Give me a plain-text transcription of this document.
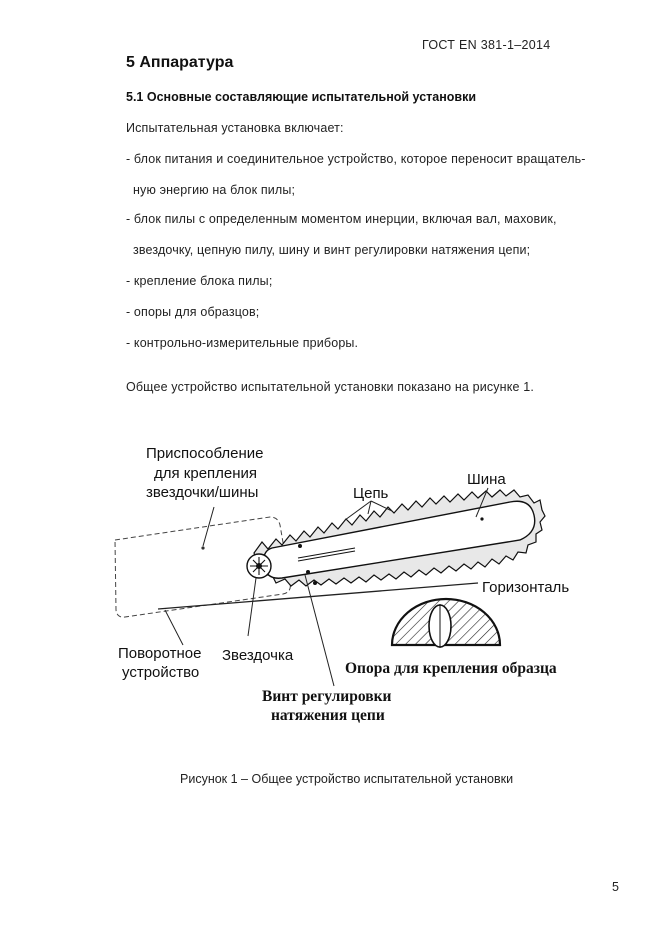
ГОСТ EN 381-1–2014
5 Аппаратура
5.1 Основные составляющие испытательной установки
Испытательная установка включает:
- блок питания и соединительное устройство, которое переносит вращатель-
ную энергию на блок пилы;
- блок пилы с определенным моментом инерции, включая вал, маховик,
звездочку, цепную пилу, шину и винт регулировки натяжения цепи;
- крепление блока пилы;
- опоры для образцов;
- контрольно-измерительные приборы.
Общее устройство испытательной установки показано на рисунке 1.
Приспособление
для крепления
звездочки/шины	Цепь
Шина
Горизонталь
Поворотное
устройство
Звездочка
Опора для крепления образца
Винт регулировки
натяжения цепи
Рисунок 1 – Общее устройство испытательной установки
5
